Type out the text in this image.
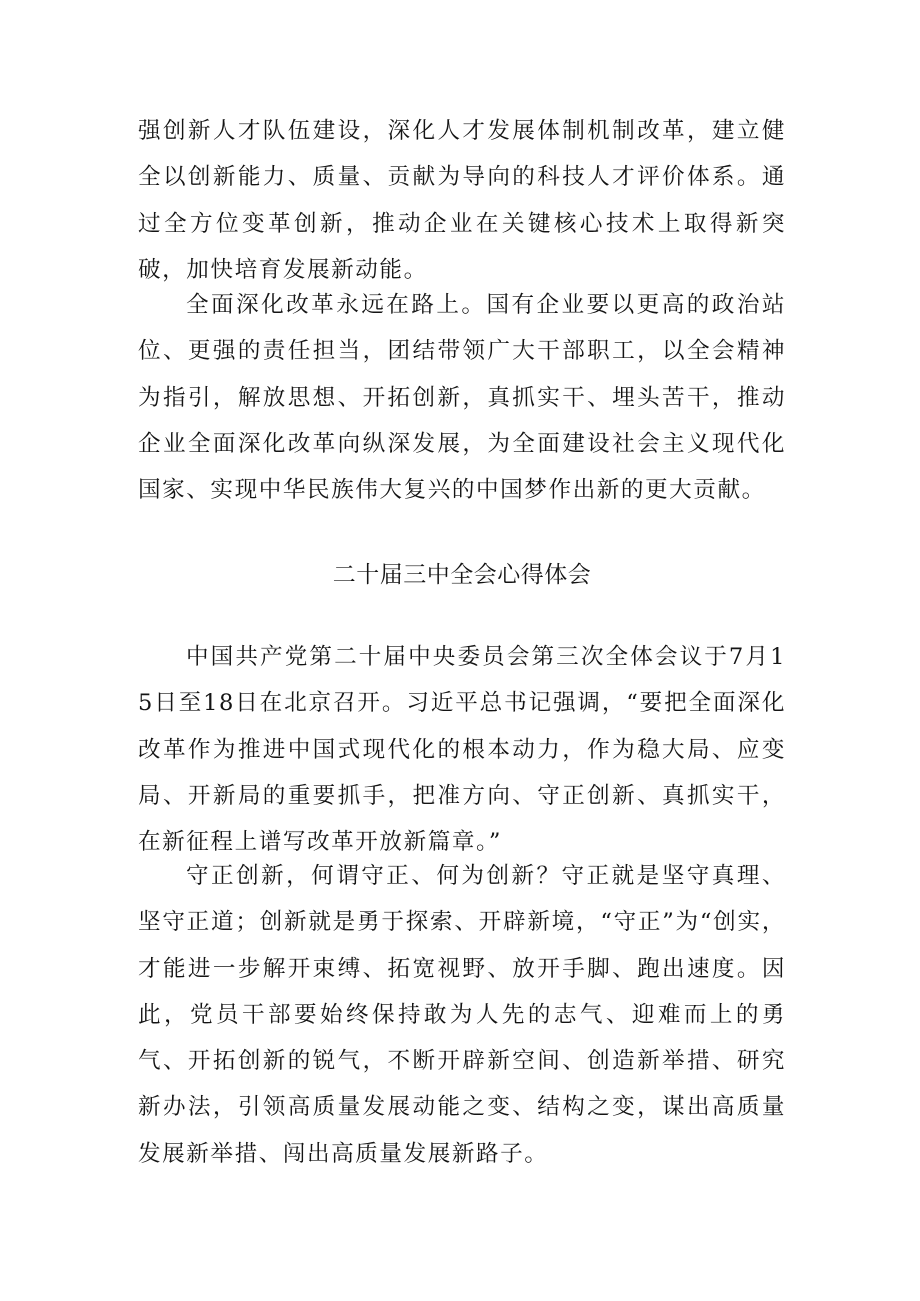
强创新人才队伍建设，深化人才发展体制机制改革，建立健全以创新能力、质量、贡献为导向的科技人才评价体系。通过全方位变革创新，推动企业在关键核心技术上取得新突破，加快培育发展新动能。

全面深化改革永远在路上。国有企业要以更高的政治站位、更强的责任担当，团结带领广大干部职工，以全会精神为指引，解放思想、开拓创新，真抓实干、埋头苦干，推动企业全面深化改革向纵深发展，为全面建设社会主义现代化国家、实现中华民族伟大复兴的中国梦作出新的更大贡献。

二十届三中全会心得体会

中国共产党第二十届中央委员会第三次全体会议于7月15日至18日在北京召开。习近平总书记强调，“要把全面深化改革作为推进中国式现代化的根本动力，作为稳大局、应变局、开新局的重要抓手，把准方向、守正创新、真抓实干，在新征程上谱写改革开放新篇章。”

守正创新，何谓守正、何为创新？守正就是坚守真理、坚守正道；创新就是勇于探索、开辟新境，“守正”为“创实，才能进一步解开束缚、拓宽视野、放开手脚、跑出速度。因此，党员干部要始终保持敢为人先的志气、迎难而上的勇气、开拓创新的锐气，不断开辟新空间、创造新举措、研究新办法，引领高质量发展动能之变、结构之变，谋出高质量发展新举措、闯出高质量发展新路子。
